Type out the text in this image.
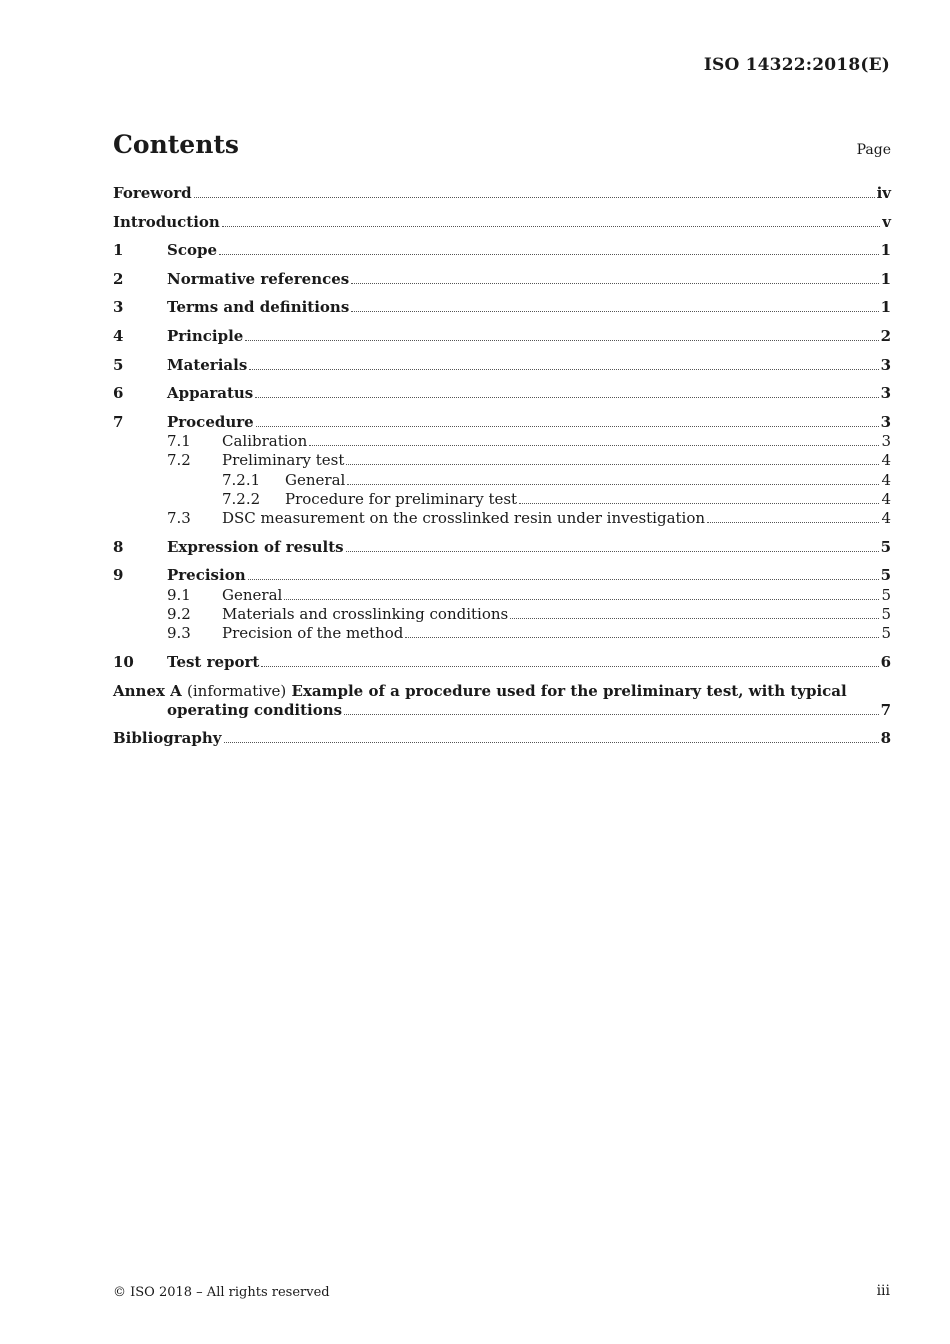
ISO 14322:2018(E)
Contents	Page
Foreword	iv
Introduction	v
1	Scope	1
2	Normative references	1
3	Terms and definitions	1
4	Principle	2
5	Materials	3
6	Apparatus	3
7	Procedure	3
7.1 Calibration	3
7.2 Preliminary test	4
7.2.1 General	4
7.2.2 Procedure for preliminary test	4
7.3 DSC measurement on the crosslinked resin under investigation	4
8	Expression of results	5
9	Precision	5
9.1 General	5
9.2 Materials and crosslinking conditions	5
9.3 Precision of the method	5
10 Test report	6
Annex A (informative) Example of a procedure used for the preliminary test, with typical
operating conditions	7
Bibliography	8
© ISO 2018 – All rights reserved	iii
